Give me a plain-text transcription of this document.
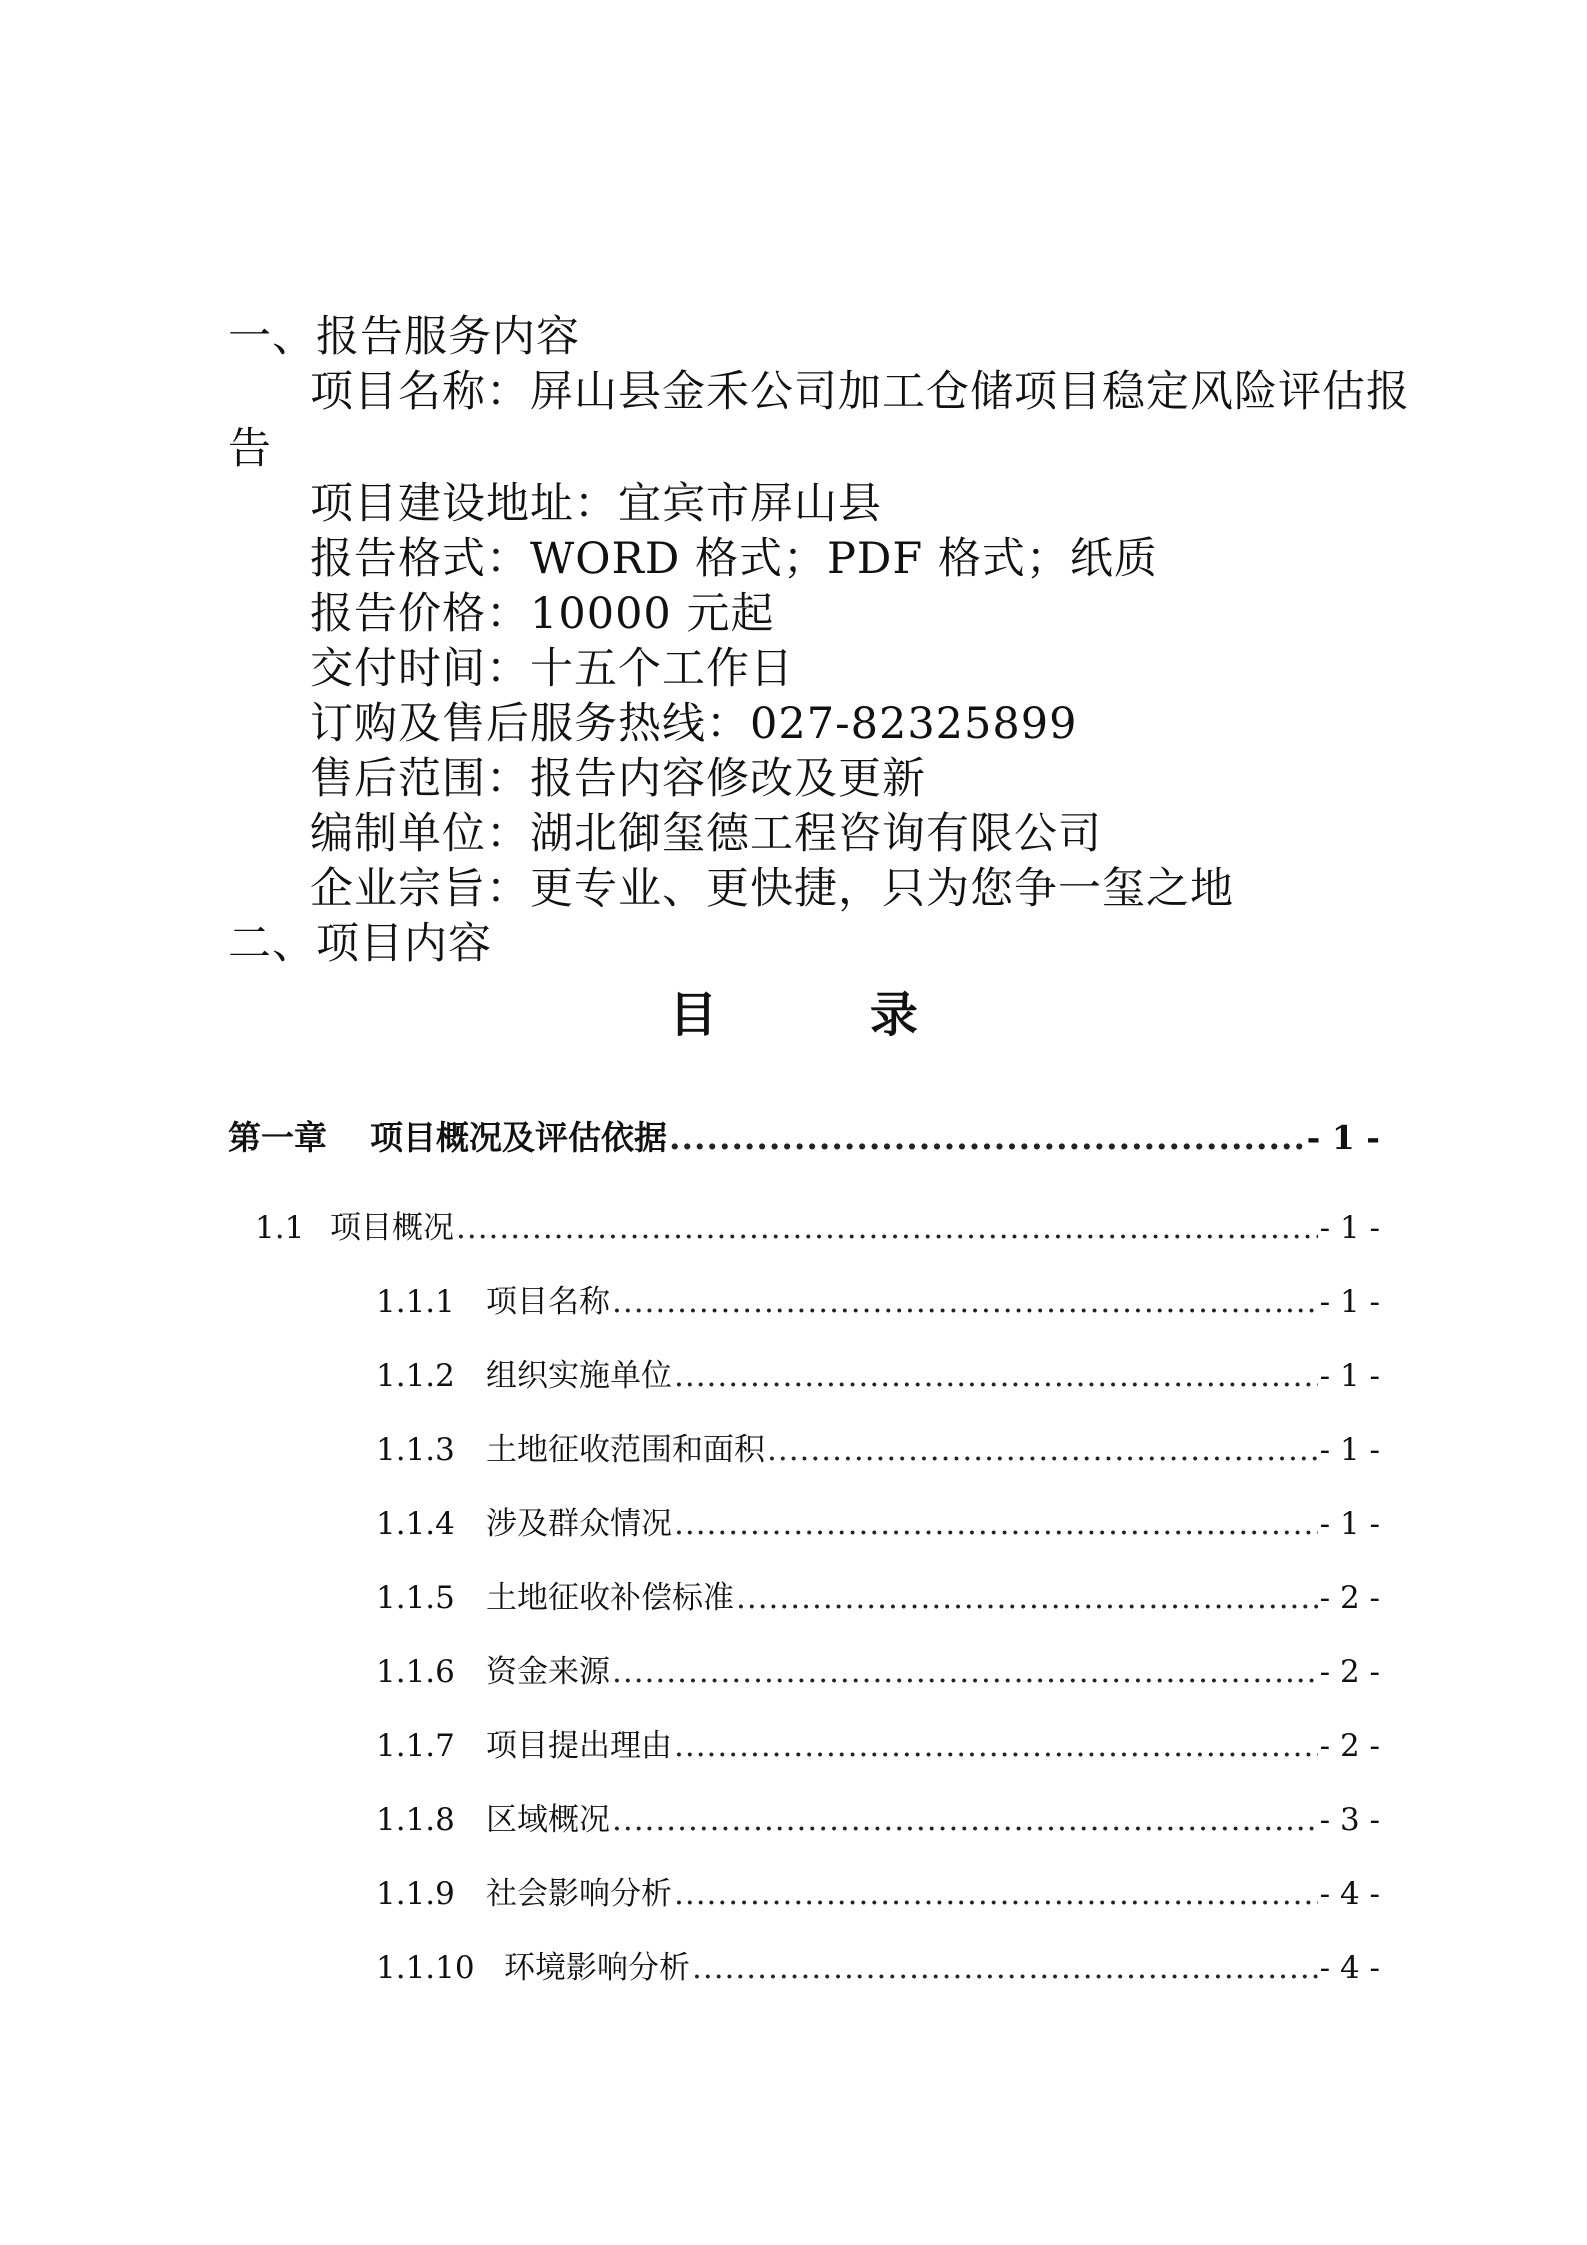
一、报告服务内容
项目名称：屏山县金禾公司加工仓储项目稳定风险评估报
告
项目建设地址：宜宾市屏山县
报告格式：WORD 格式；PDF 格式；纸质
报告价格：10000 元起
交付时间：十五个工作日
订购及售后服务热线：027-82325899
售后范围：报告内容修改及更新
编制单位：湖北御玺德工程咨询有限公司
企业宗旨：更专业、更快捷，只为您争一玺之地
二、项目内容
目 录
第一章	项目概况及评估依据 .....	- 1 -
1.1 项目概况 .....	- 1 -
1.1.1	项目名称 .....	- 1 -
1.1.2	组织实施单位 .....	- 1 -
1.1.3	土地征收范围和面积 .....	- 1 -
1.1.4	涉及群众情况 .....	- 1 -
1.1.5	土地征收补偿标准 .....	- 2 -
1.1.6	资金来源 .....	- 2 -
1.1.7	项目提出理由 .....	- 2 -
1.1.8	区域概况 .....	- 3 -
1.1.9	社会影响分析 .....	- 4 -
1.1.10 环境影响分析 .....	- 4 -
